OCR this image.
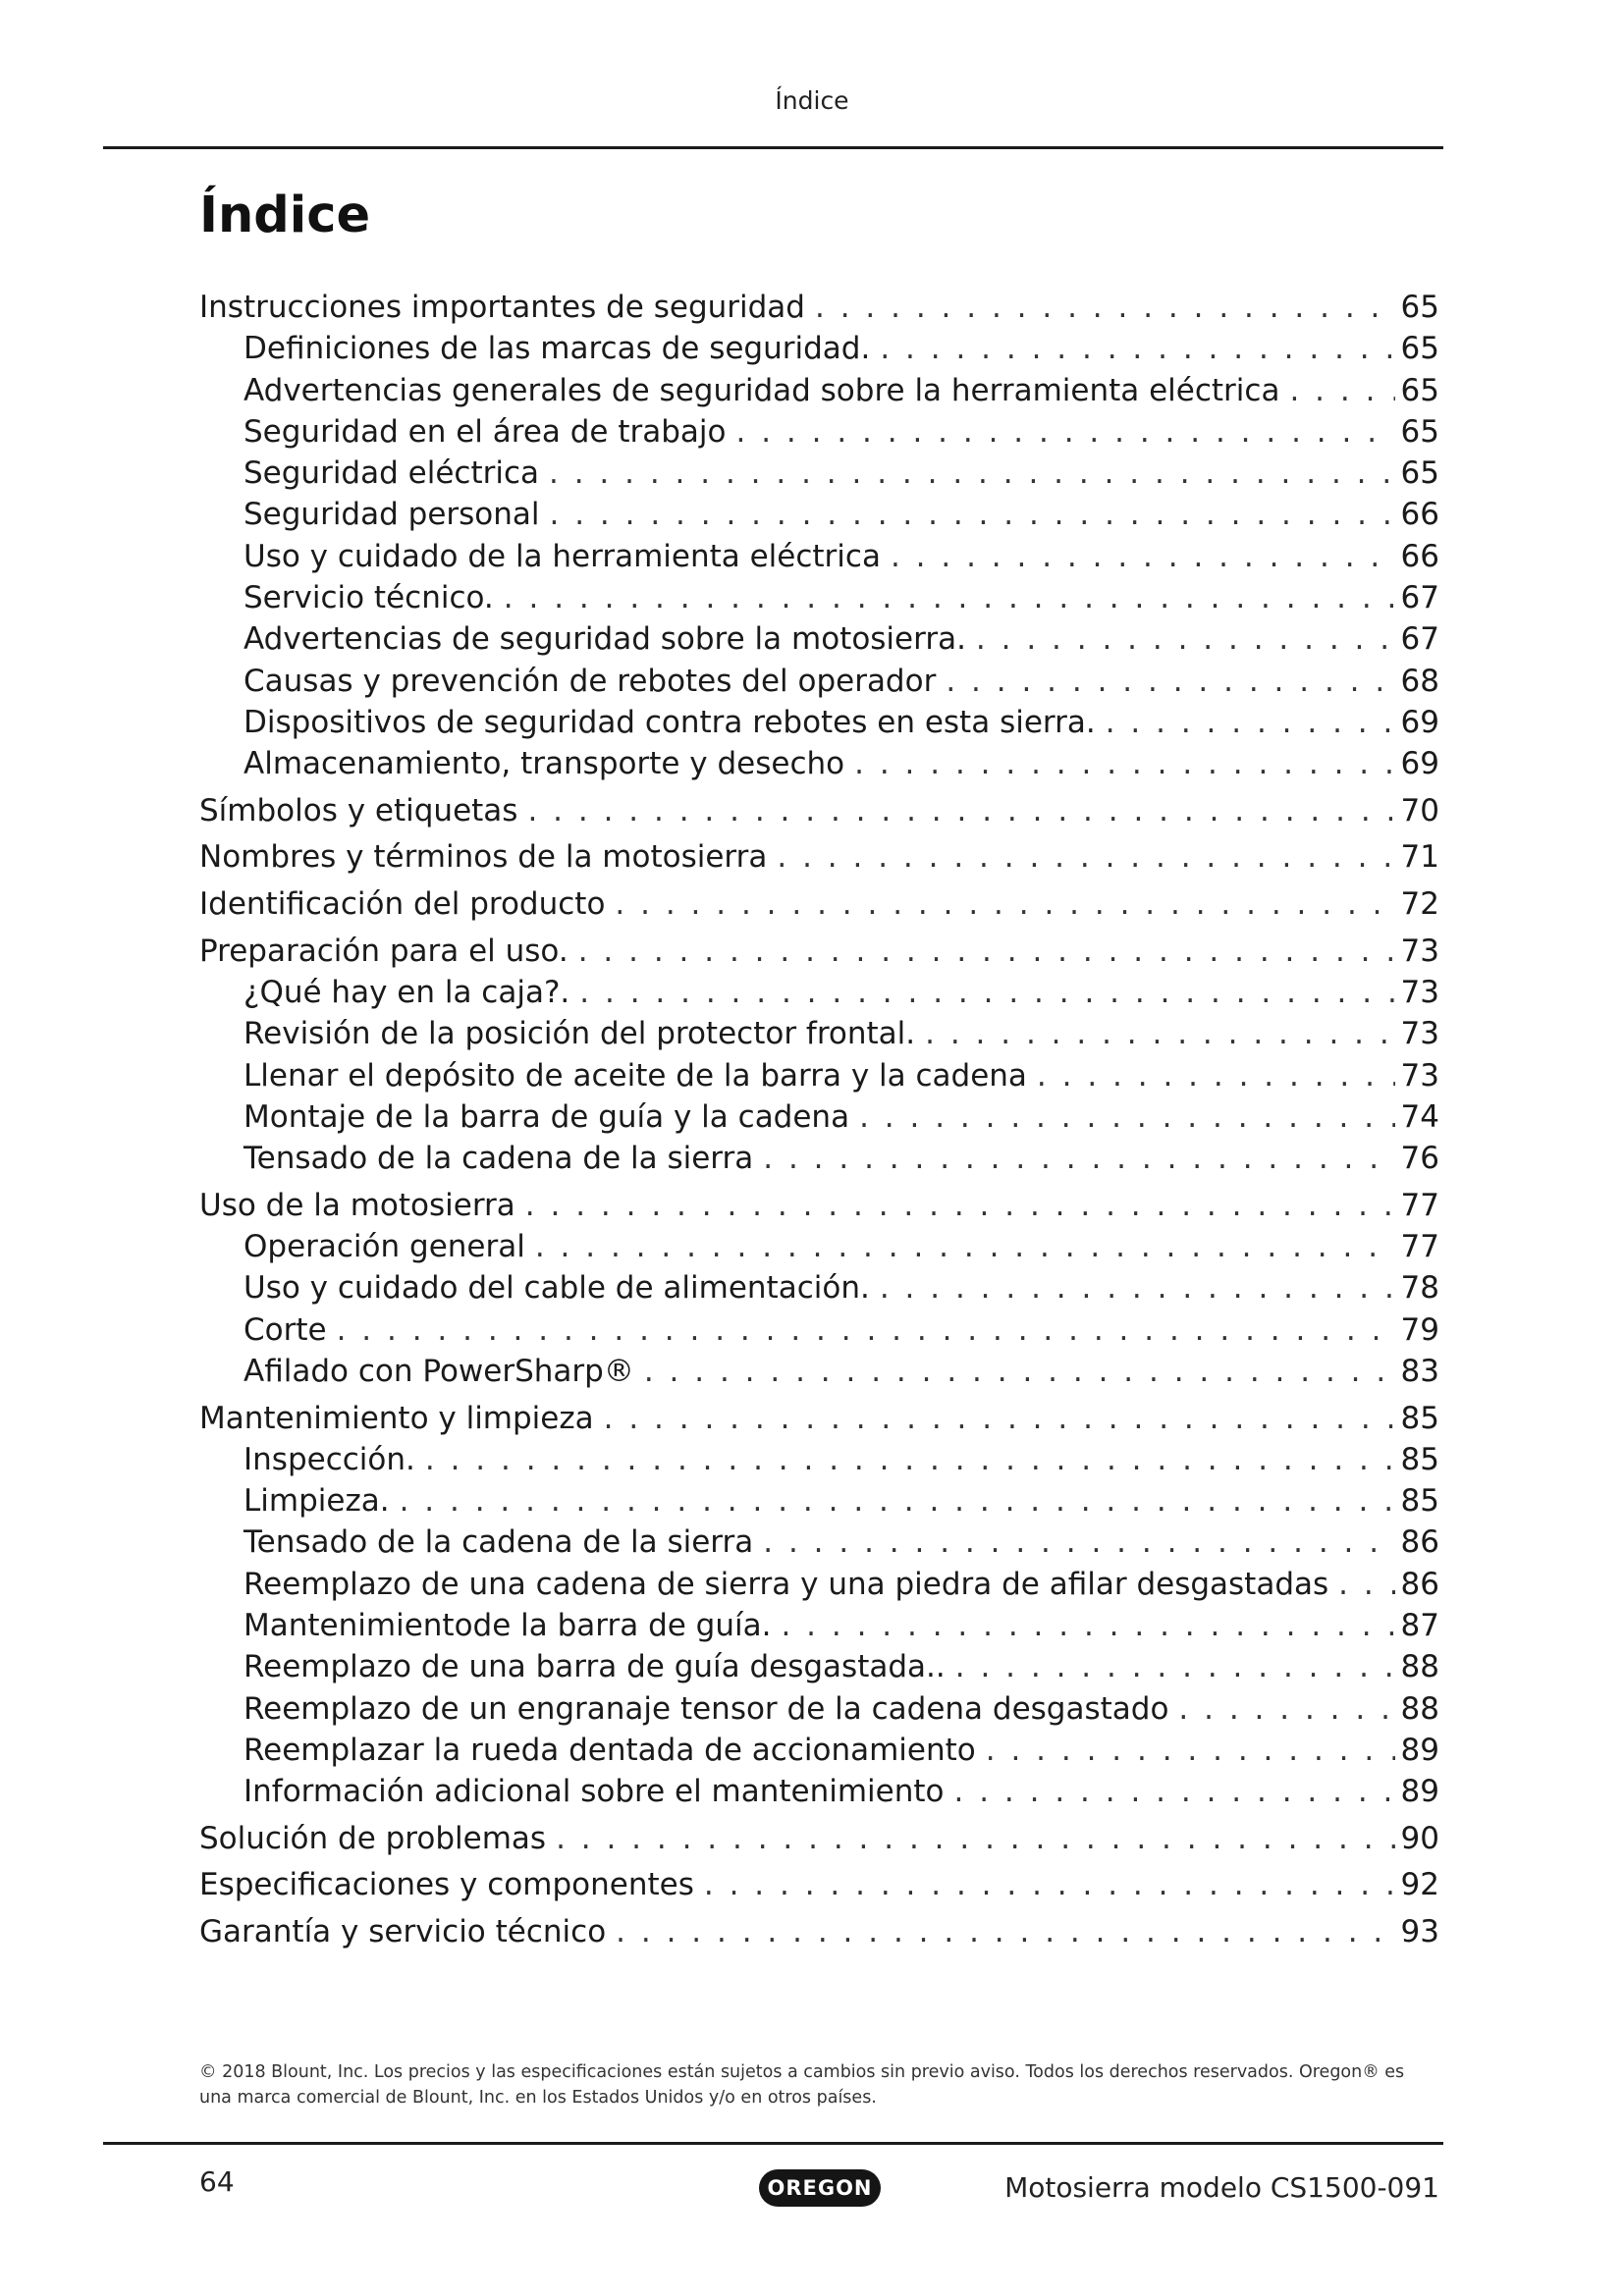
Índice
Índice
Instrucciones importantes de seguridad . . .	65
Definiciones de las marcas de seguridad. . . .	65
Advertencias generales de seguridad sobre la herramienta eléctrica . . .	65
Seguridad en el área de trabajo . . .	65
Seguridad eléctrica . . .	65
Seguridad personal . . .	66
Uso y cuidado de la herramienta eléctrica . . .	66
Servicio técnico. . . .	67
Advertencias de seguridad sobre la motosierra. . . .	67
Causas y prevención de rebotes del operador . . .	68
Dispositivos de seguridad contra rebotes en esta sierra. . . .	69
Almacenamiento, transporte y desecho . . .	69
Símbolos y etiquetas . . .	70
Nombres y términos de la motosierra . . .	71
Identificación del producto . . .	72
Preparación para el uso. . . .	73
¿Qué hay en la caja?. . . .	73
Revisión de la posición del protector frontal. . . .	73
Llenar el depósito de aceite de la barra y la cadena . . .	73
Montaje de la barra de guía y la cadena . . .	74
Tensado de la cadena de la sierra . . .	76
Uso de la motosierra . . .	77
Operación general . . .	77
Uso y cuidado del cable de alimentación. . . .	78
Corte . . .	79
Afilado con PowerSharp® . . .	83
Mantenimiento y limpieza . . .	85
Inspección. . . .	85
Limpieza. . . .	85
Tensado de la cadena de la sierra . . .	86
Reemplazo de una cadena de sierra y una piedra de afilar desgastadas . . . 86
Mantenimientode la barra de guía. . . .	87
Reemplazo de una barra de guía desgastada.. . . .	88
Reemplazo de un engranaje tensor de la cadena desgastado . . .	88
Reemplazar la rueda dentada de accionamiento . . .	89
Información adicional sobre el mantenimiento . . .	89
Solución de problemas . . .	90
Especificaciones y componentes . . .	92
Garantía y servicio técnico . . .	93
© 2018 Blount, Inc. Los precios y las especificaciones están sujetos a cambios sin previo aviso. Todos los derechos reservados. Oregon® es una marca comercial de Blount, Inc. en los Estados Unidos y/o en otros países.
64	OREGON	Motosierra modelo CS1500-091
